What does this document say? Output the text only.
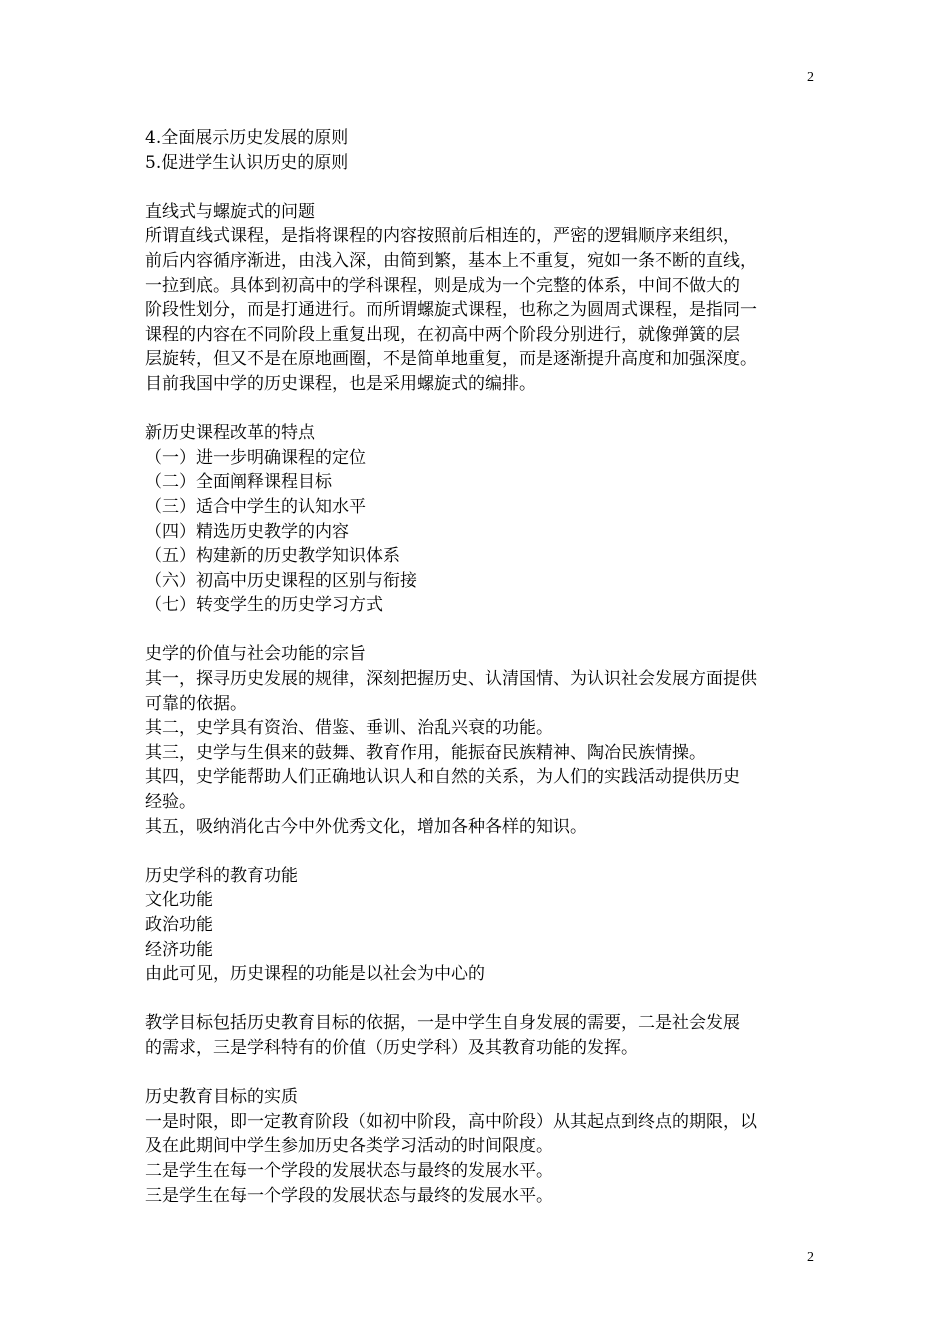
2

4.全面展示历史发展的原则

5.促进学生认识历史的原则

直线式与螺旋式的问题

所谓直线式课程，是指将课程的内容按照前后相连的，严密的逻辑顺序来组织，

前后内容循序渐进，由浅入深，由简到繁，基本上不重复，宛如一条不断的直线，

一拉到底。具体到初高中的学科课程，则是成为一个完整的体系，中间不做大的

阶段性划分，而是打通进行。而所谓螺旋式课程，也称之为圆周式课程，是指同一

课程的内容在不同阶段上重复出现，在初高中两个阶段分别进行，就像弹簧的层

层旋转，但又不是在原地画圈，不是简单地重复，而是逐渐提升高度和加强深度。

目前我国中学的历史课程，也是采用螺旋式的编排。

新历史课程改革的特点

（一）进一步明确课程的定位

（二）全面阐释课程目标

（三）适合中学生的认知水平

（四）精选历史教学的内容

（五）构建新的历史教学知识体系

（六）初高中历史课程的区别与衔接

（七）转变学生的历史学习方式

史学的价值与社会功能的宗旨

其一，探寻历史发展的规律，深刻把握历史、认清国情、为认识社会发展方面提供

可靠的依据。

其二，史学具有资治、借鉴、垂训、治乱兴衰的功能。

其三，史学与生俱来的鼓舞、教育作用，能振奋民族精神、陶冶民族情操。

其四，史学能帮助人们正确地认识人和自然的关系，为人们的实践活动提供历史

经验。

其五，吸纳消化古今中外优秀文化，增加各种各样的知识。

历史学科的教育功能

文化功能

政治功能

经济功能

由此可见，历史课程的功能是以社会为中心的

教学目标包括历史教育目标的依据，一是中学生自身发展的需要，二是社会发展

的需求，三是学科特有的价值（历史学科）及其教育功能的发挥。

历史教育目标的实质

一是时限，即一定教育阶段（如初中阶段，高中阶段）从其起点到终点的期限，以

及在此期间中学生参加历史各类学习活动的时间限度。

二是学生在每一个学段的发展状态与最终的发展水平。

三是学生在每一个学段的发展状态与最终的发展水平。

2
